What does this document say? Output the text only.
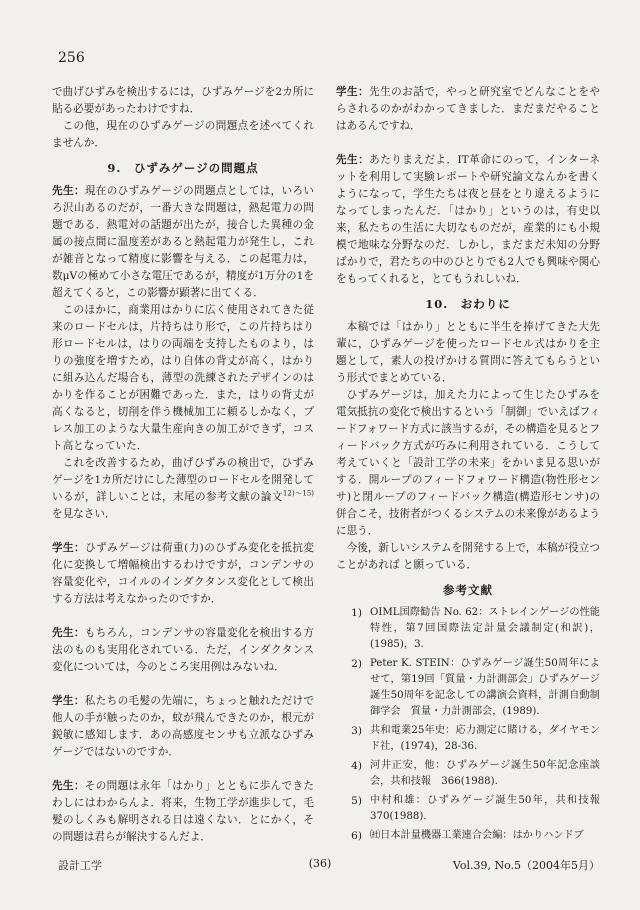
256

で曲げひずみを検出するには，ひずみゲージを2カ所に貼る必要があったわけですね．

この他，現在のひずみゲージの問題点を述べてくれませんか．

9.　ひずみゲージの問題点

先生：現在のひずみゲージの問題点としては，いろいろ沢山あるのだが，一番大きな問題は，熱起電力の問題である．熱電対の話題が出たが，接合した異種の金属の接点間に温度差があると熱起電力が発生し，これが雑音となって精度に影響を与える．この起電力は，数μVの極めて小さな電圧であるが，精度が1万分の1を超えてくると，この影響が顕著に出てくる．

このほかに，商業用はかりに広く使用されてきた従来のロードセルは，片持ちはり形で，この片持ちはり形ロードセルは，はりの両端を支持したものより，はりの強度を増すため，はり自体の背丈が高く，はかりに組み込んだ場合も，薄型の洗練されたデザインのはかりを作ることが困難であった．また，はりの背丈が高くなると，切削を伴う機械加工に頼るしかなく，プレス加工のような大量生産向きの加工ができず，コスト高となっていた．

これを改善するため，曲げひずみの検出で，ひずみゲージを1カ所だけにした薄型のロードセルを開発しているが，詳しいことは，末尾の参考文献の論文$^{12)\sim 15)}$を見なさい．

学生：ひずみゲージは荷重(力)のひずみ変化を抵抗変化に変換して増幅検出するわけですが，コンデンサの容量変化や，コイルのインダクタンス変化として検出する方法は考えなかったのですか．

先生：もちろん，コンデンサの容量変化を検出する方法のものも実用化されている．ただ，インダクタンス変化については，今のところ実用例はみないね．

学生：私たちの毛髪の先端に，ちょっと触れただけで他人の手が触ったのか，蚊が飛んできたのか，根元が鋭敏に感知します．あの高感度センサも立派なひずみゲージではないのですか．

先生：その問題は永年「はかり」とともに歩んできたわしにはわからんよ．将来，生物工学が進歩して，毛髪のしくみも解明される日は遠くない．とにかく，その問題は君らが解決するんだよ．

学生：先生のお話で，やっと研究室でどんなことをやらされるのかがわかってきました．まだまだやることはあるんですね．

先生：あたりまえだよ．IT革命にのって，インターネットを利用して実験レポートや研究論文なんかを書くようになって，学生たちは夜と昼をとり違えるようになってしまったんだ．「はかり」というのは，有史以来，私たちの生活に大切なものだが，産業的にも小規模で地味な分野なのだ．しかし，まだまだ未知の分野ばかりで，君たちの中のひとりでも2人でも興味や関心をもってくれると，とてもうれしいね．

10.　おわりに

本稿では「はかり」とともに半生を捧げてきた大先輩に，ひずみゲージを使ったロードセル式はかりを主題として，素人の投げかける質問に答えてもらうという形式でまとめている．

ひずみゲージは，加えた力によって生じたひずみを電気抵抗の変化で検出するという「制御」でいえばフィードフォワード方式に該当するが，その構造を見るとフィードバック方式が巧みに利用されている．こうして考えていくと「設計工学の未来」をかいま見る思いがする．開ループのフィードフォワード構造(物性形センサ)と閉ループのフィードバック構造(構造形センサ)の併合こそ，技術者がつくるシステムの未来像があるように思う．

今後，新しいシステムを開発する上で，本稿が役立つことがあれば と願っている．

参考文献
1) OIML国際勧告 No. 62：ストレインゲージの性能特性，第7回国際法定計量会議制定(和訳)，(1985)，3.
2) Peter K. STEIN：ひずみゲージ誕生50周年によせて，第19回「質量・力計測部会」ひずみゲージ誕生50周年を記念しての講演会資料，計測自動制御学会　質量・力計測部会，(1989).
3) 共和電業25年史：応力測定に賭ける，ダイヤモンド社，(1974)，28-36.
4) 河井正安，他：ひずみゲージ誕生50年記念座談会，共和技報　366(1988).
5) 中村和雄：ひずみゲージ誕生50年，共和技報370(1988).
6) ㈳日本計量機器工業連合会編：はかりハンドブ
設計工学	(36)	Vol.39, No.5（2004年5月）
